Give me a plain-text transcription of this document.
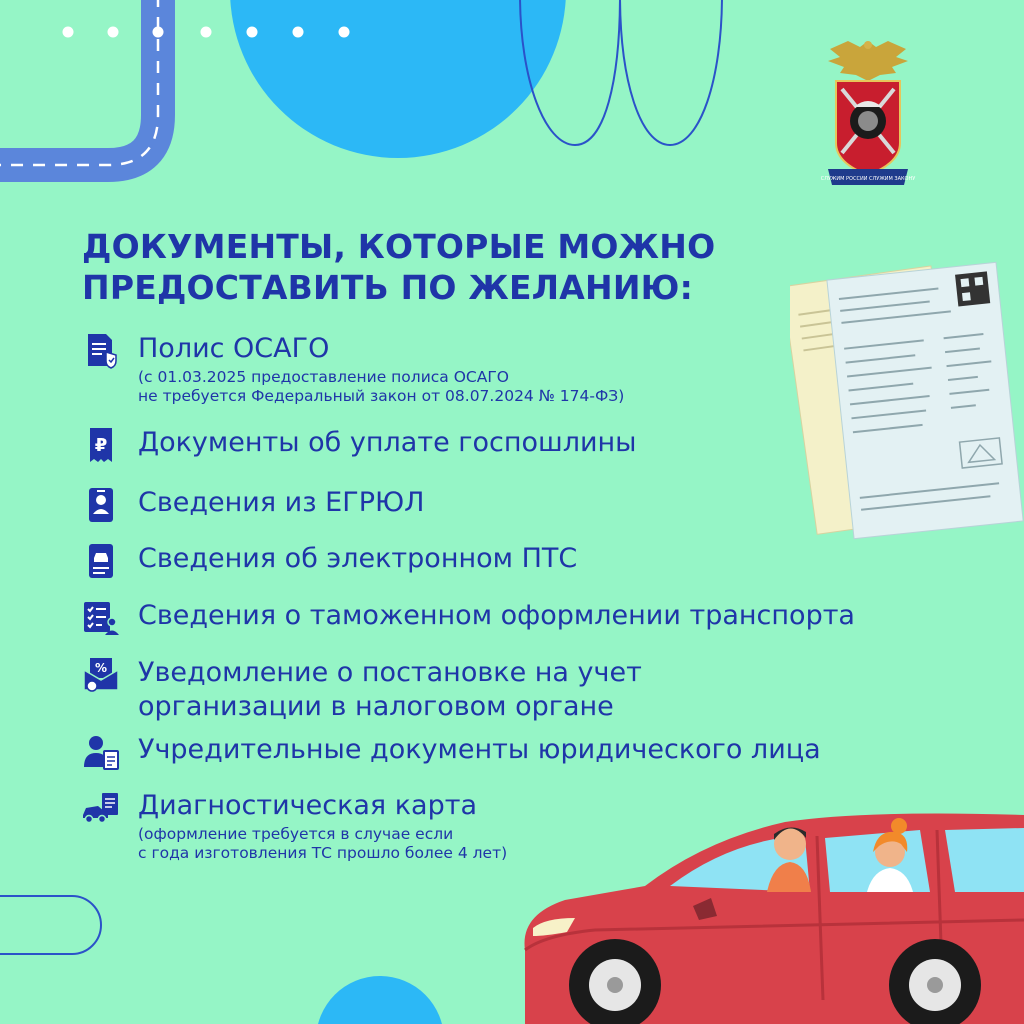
СЛУЖИМ РОССИИ СЛУЖИМ ЗАКОНУ
ДОКУМЕНТЫ, КОТОРЫЕ МОЖНО
ПРЕДОСТАВИТЬ ПО ЖЕЛАНИЮ:
Полис ОСАГО
(с 01.03.2025 предоставление полиса ОСАГО
не требуется Федеральный закон от 08.07.2024 № 174-ФЗ)
₽ Документы об уплате госпошлины
Сведения из ЕГРЮЛ
Сведения об электронном ПТС
Сведения о таможенном оформлении транспорта
% Уведомление о постановке на учет
организации в налоговом органе
Учредительные документы юридического лица
Диагностическая карта
(оформление требуется в случае если
с года изготовления ТС прошло более 4 лет)
